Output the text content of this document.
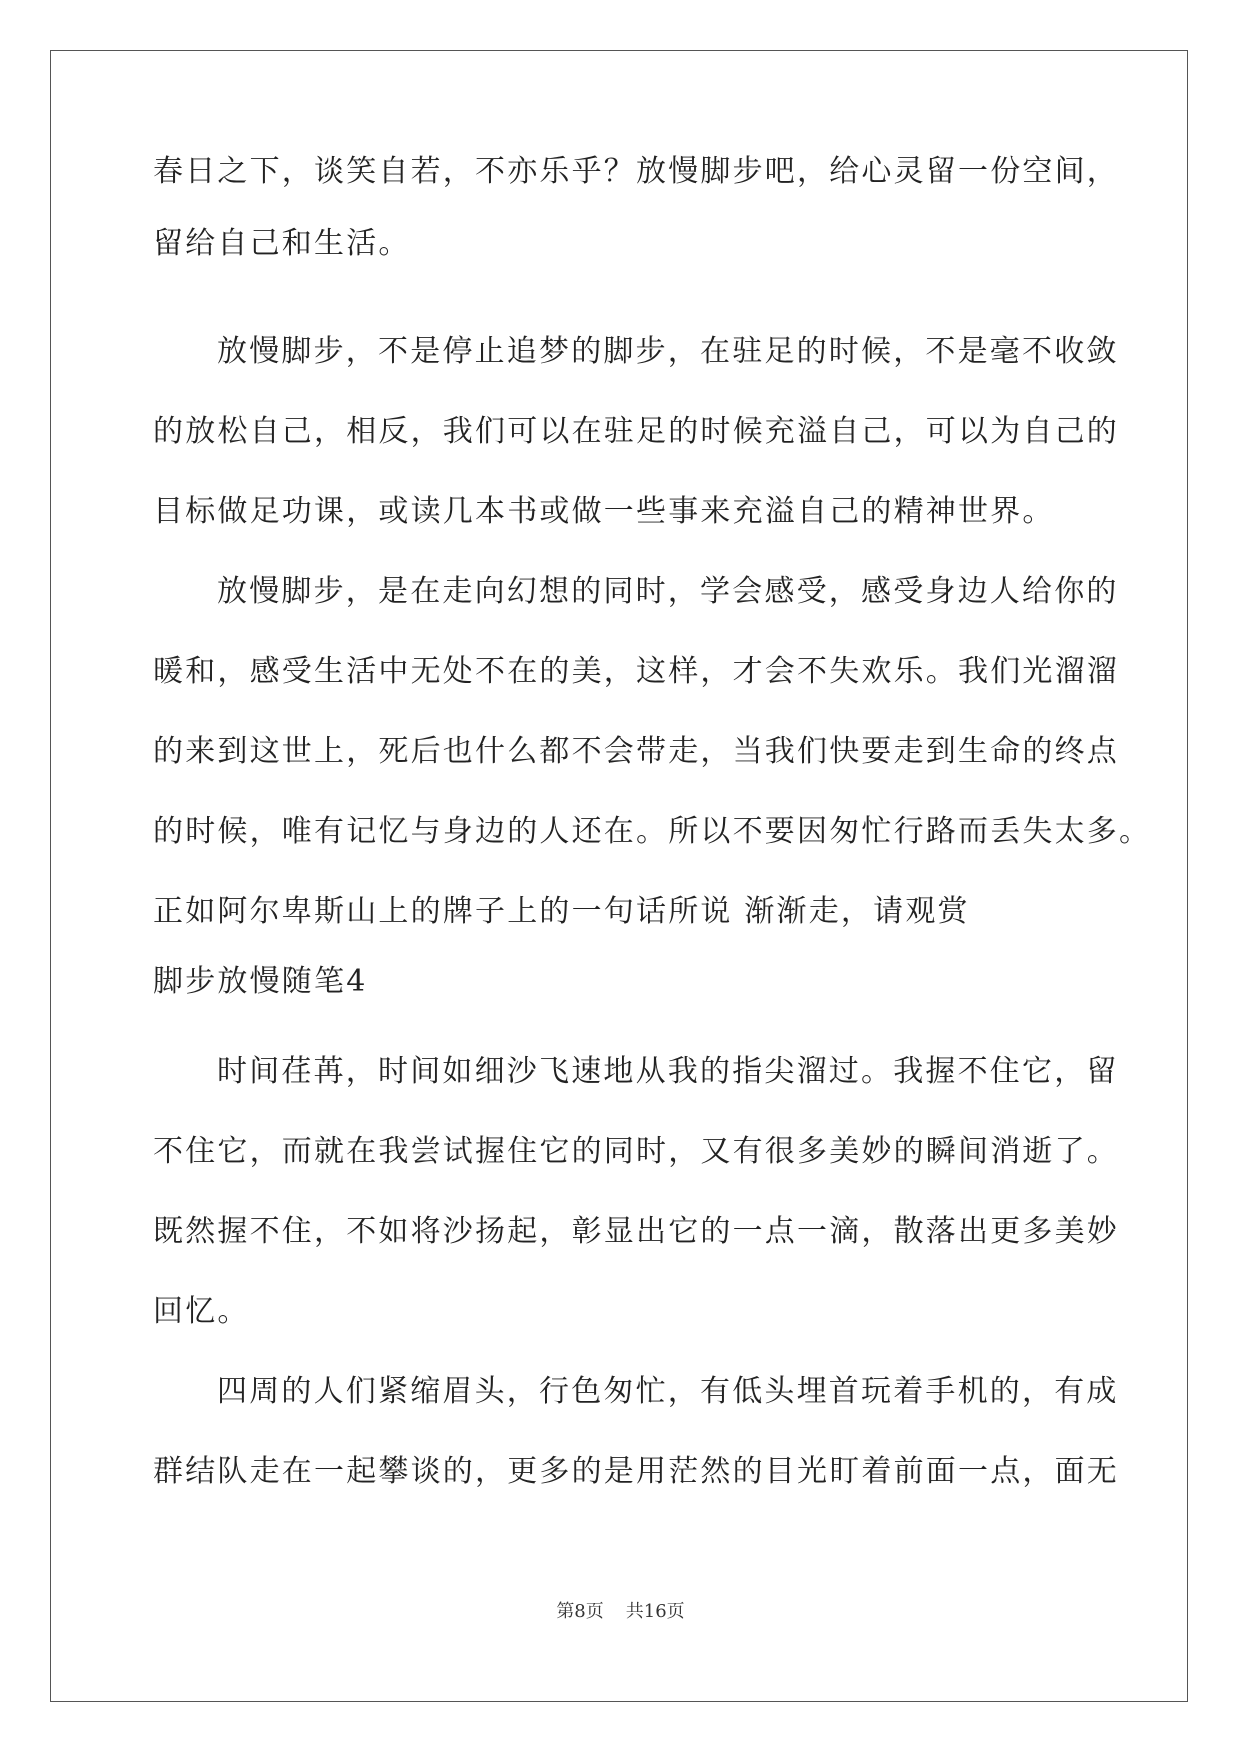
春日之下，谈笑自若，不亦乐乎？放慢脚步吧，给心灵留一份空间，
留给自己和生活。
放慢脚步，不是停止追梦的脚步，在驻足的时候，不是毫不收敛
的放松自己，相反，我们可以在驻足的时候充溢自己，可以为自己的
目标做足功课，或读几本书或做一些事来充溢自己的精神世界。
放慢脚步，是在走向幻想的同时，学会感受，感受身边人给你的
暖和，感受生活中无处不在的美，这样，才会不失欢乐。我们光溜溜
的来到这世上，死后也什么都不会带走，当我们快要走到生命的终点
的时候，唯有记忆与身边的人还在。所以不要因匆忙行路而丢失太多。
正如阿尔卑斯山上的牌子上的一句话所说 渐渐走，请观赏
脚步放慢随笔4
时间荏苒，时间如细沙飞速地从我的指尖溜过。我握不住它，留
不住它，而就在我尝试握住它的同时，又有很多美妙的瞬间消逝了。
既然握不住，不如将沙扬起，彰显出它的一点一滴，散落出更多美妙
回忆。
四周的人们紧缩眉头，行色匆忙，有低头埋首玩着手机的，有成
群结队走在一起攀谈的，更多的是用茫然的目光盯着前面一点，面无
第8页 共16页
